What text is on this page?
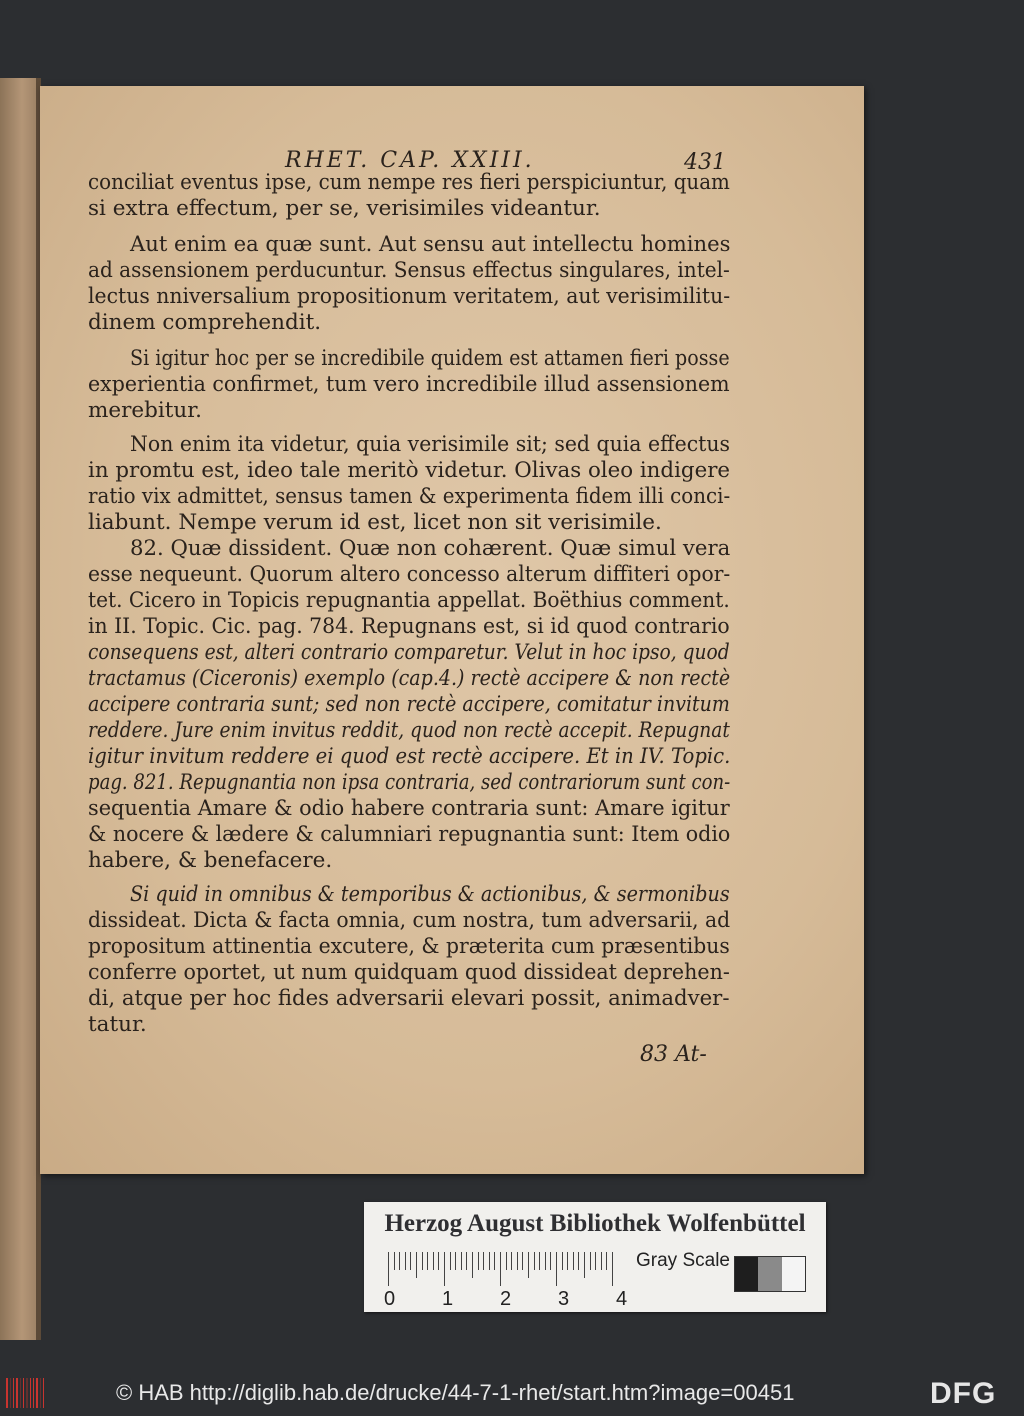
RHET. CAP. XXIII.	431
conciliat eventus ipse, cum nempe res fieri perspiciuntur, quam
si extra effectum, per se, verisimiles videantur.
Aut enim ea quæ sunt. Aut sensu aut intellectu homines
ad assensionem perducuntur. Sensus effectus singulares, intel-
lectus nniversalium propositionum veritatem, aut verisimilitu-
dinem comprehendit.
Si igitur hoc per se incredibile quidem est attamen fieri posse
experientia confirmet, tum vero incredibile illud assensionem
merebitur.
Non enim ita videtur, quia verisimile sit; sed quia effectus
in promtu est, ideo tale meritò videtur. Olivas oleo indigere
ratio vix admittet, sensus tamen & experimenta fidem illi conci-
liabunt. Nempe verum id est, licet non sit verisimile.
82. Quæ dissident. Quæ non cohærent. Quæ simul vera
esse nequeunt. Quorum altero concesso alterum diffiteri opor-
tet. Cicero in Topicis repugnantia appellat. Boëthius comment.
in II. Topic. Cic. pag. 784. Repugnans est, si id quod contrario
consequens est, alteri contrario comparetur. Velut in hoc ipso, quod
tractamus (Ciceronis) exemplo (cap.4.) rectè accipere & non rectè
accipere contraria sunt; sed non rectè accipere, comitatur invitum
reddere. Jure enim invitus reddit, quod non rectè accepit. Repugnat
igitur invitum reddere ei quod est rectè accipere. Et in IV. Topic.
pag. 821. Repugnantia non ipsa contraria, sed contrariorum sunt con-
sequentia Amare & odio habere contraria sunt: Amare igitur
& nocere & lædere & calumniari repugnantia sunt: Item odio
habere, & benefacere.
Si quid in omnibus & temporibus & actionibus, & sermonibus
dissideat. Dicta & facta omnia, cum nostra, tum adversarii, ad
propositum attinentia excutere, & præterita cum præsentibus
conferre oportet, ut num quidquam quod dissideat deprehen-
di, atque per hoc fides adversarii elevari possit, animadver-
tatur.
83 At-
Herzog August Bibliothek Wolfenbüttel
Gray Scale
0 1 2 3 4
© HAB http://diglib.hab.de/drucke/44-7-1-rhet/start.htm?image=00451	DFG
